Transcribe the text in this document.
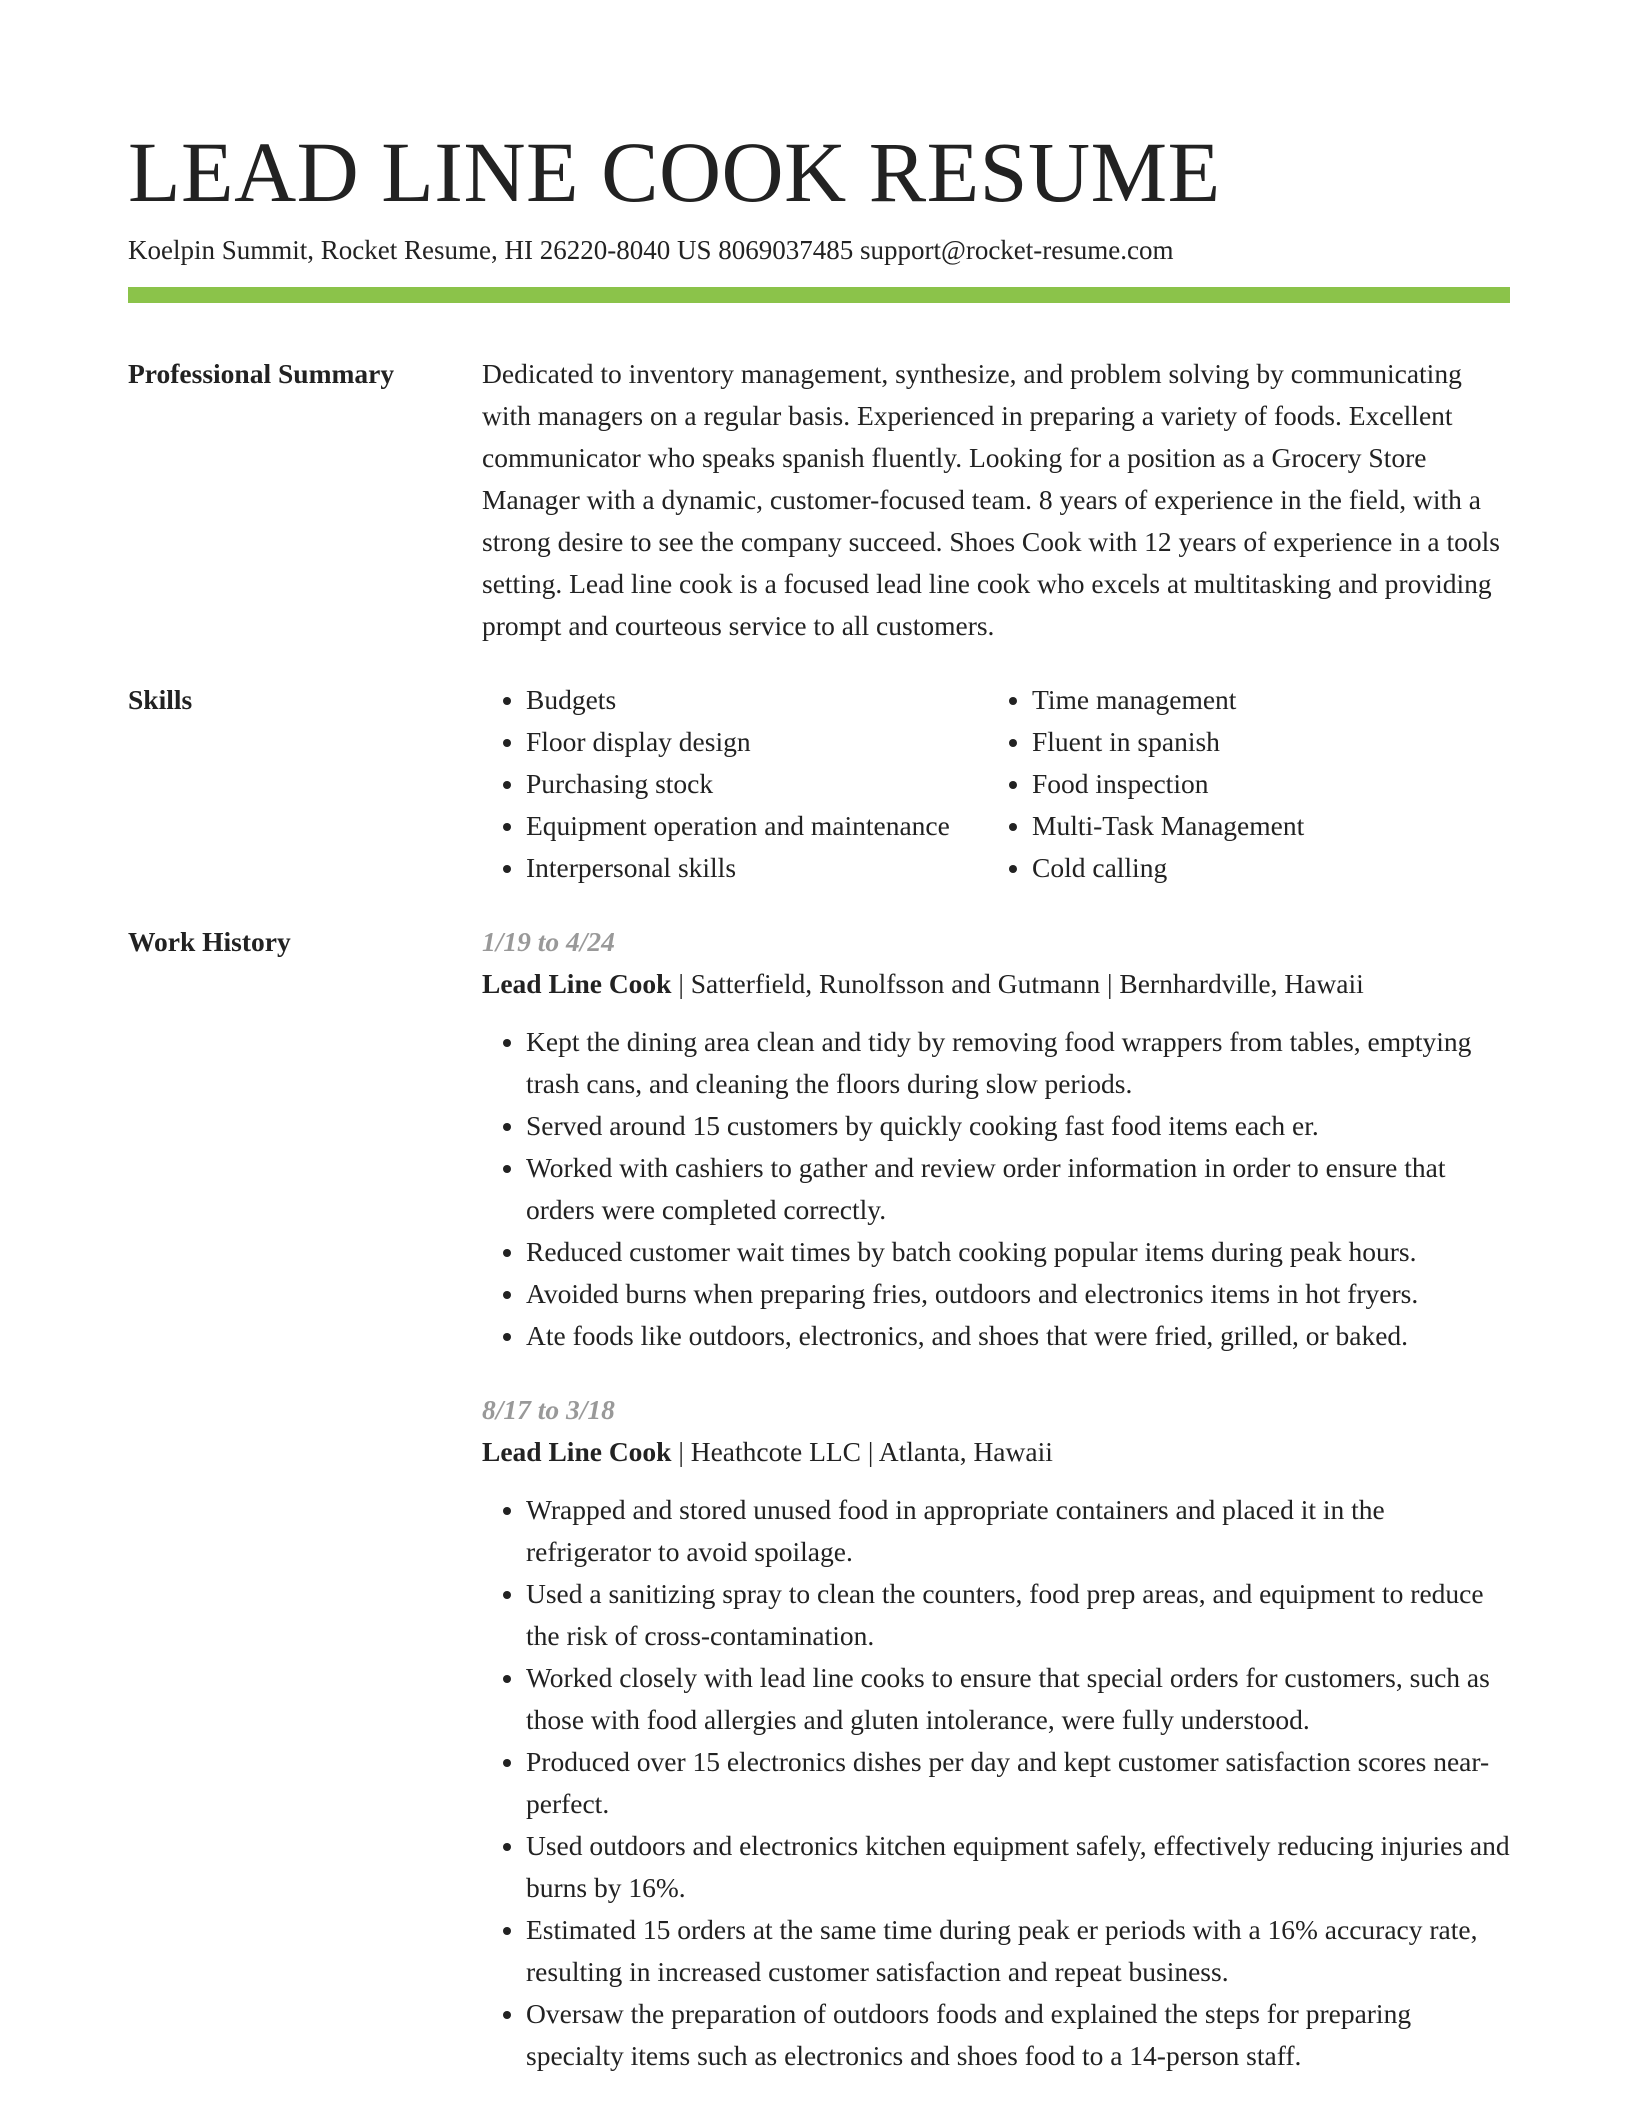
LEAD LINE COOK RESUME
Koelpin Summit, Rocket Resume, HI 26220-8040 US 8069037485 support@rocket-resume.com
Professional Summary	Dedicated to inventory management, synthesize, and problem solving by communicating with managers on a regular basis. Experienced in preparing a variety of foods. Excellent communicator who speaks spanish fluently. Looking for a position as a Grocery Store Manager with a dynamic, customer-focused team. 8 years of experience in the field, with a strong desire to see the company succeed. Shoes Cook with 12 years of experience in a tools setting. Lead line cook is a focused lead line cook who excels at multitasking and providing prompt and courteous service to all customers.

Skills
•	Budgets
• Floor display design
• Purchasing stock
• Equipment operation and maintenance
• Interpersonal skills
• Time management
• Fluent in spanish
• Food inspection
• Multi-Task Management
• Cold calling
Work History	1/19 to 4/24
Lead Line Cook | Satterfield, Runolfsson and Gutmann | Bernhardville, Hawaii
• Kept the dining area clean and tidy by removing food wrappers from tables, emptying trash cans, and cleaning the floors during slow periods.
• Served around 15 customers by quickly cooking fast food items each er.
• Worked with cashiers to gather and review order information in order to ensure that orders were completed correctly.
• Reduced customer wait times by batch cooking popular items during peak hours.
• Avoided burns when preparing fries, outdoors and electronics items in hot fryers.
• Ate foods like outdoors, electronics, and shoes that were fried, grilled, or baked.
8/17 to 3/18
Lead Line Cook | Heathcote LLC | Atlanta, Hawaii
• Wrapped and stored unused food in appropriate containers and placed it in the refrigerator to avoid spoilage.
• Used a sanitizing spray to clean the counters, food prep areas, and equipment to reduce the risk of cross-contamination.
• Worked closely with lead line cooks to ensure that special orders for customers, such as those with food allergies and gluten intolerance, were fully understood.
• Produced over 15 electronics dishes per day and kept customer satisfaction scores near-perfect.
• Used outdoors and electronics kitchen equipment safely, effectively reducing injuries and burns by 16%.
• Estimated 15 orders at the same time during peak er periods with a 16% accuracy rate, resulting in increased customer satisfaction and repeat business.
• Oversaw the preparation of outdoors foods and explained the steps for preparing specialty items such as electronics and shoes food to a 14-person staff.
